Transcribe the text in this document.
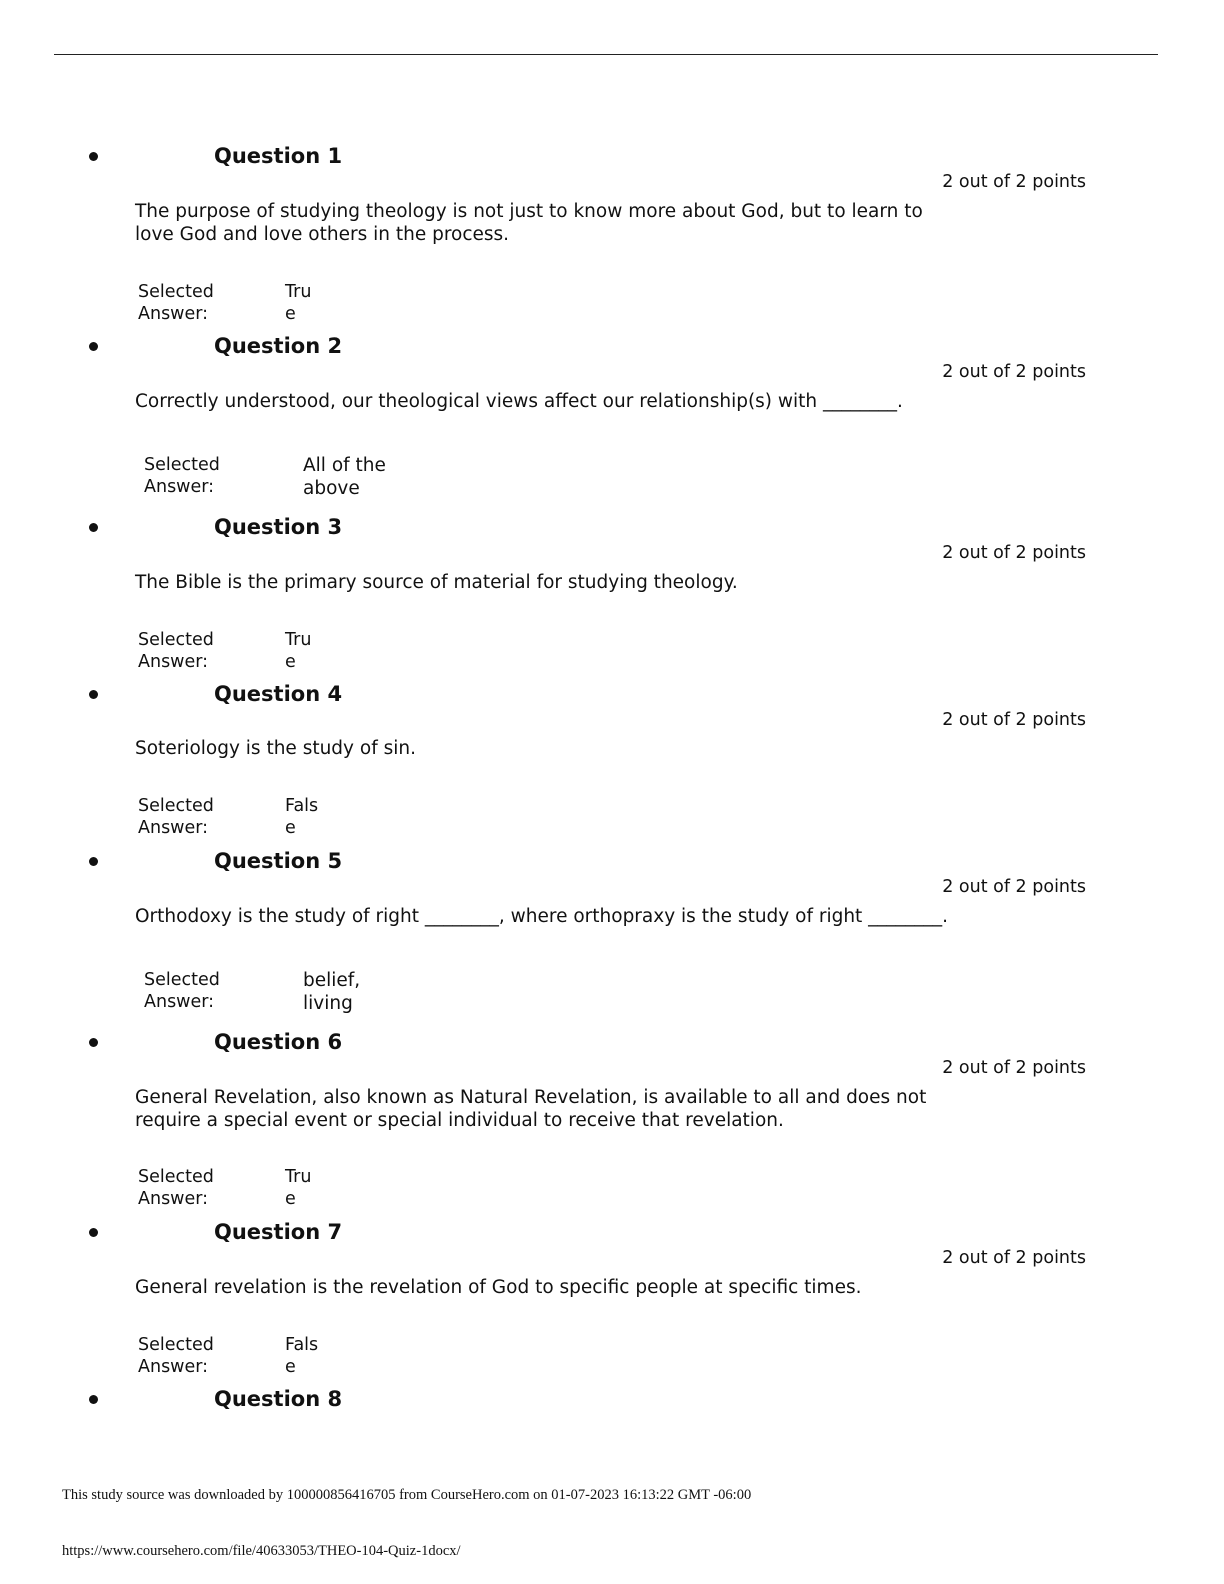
Question 1
2 out of 2 points
The purpose of studying theology is not just to know more about God, but to learn to
love God and love others in the process.
Selected
Answer:
Tru
e
Question 2
2 out of 2 points
Correctly understood, our theological views affect our relationship(s) with ________.
Selected
Answer:
All of the
above
Question 3
2 out of 2 points
The Bible is the primary source of material for studying theology.
Selected
Answer:
Tru
e
Question 4
2 out of 2 points
Soteriology is the study of sin.
Selected
Answer:
Fals
e
Question 5
2 out of 2 points
Orthodoxy is the study of right ________, where orthopraxy is the study of right ________.
Selected
Answer:
belief,
living
Question 6
2 out of 2 points
General Revelation, also known as Natural Revelation, is available to all and does not
require a special event or special individual to receive that revelation.
Selected
Answer:
Tru
e
Question 7
2 out of 2 points
General revelation is the revelation of God to specific people at specific times.
Selected
Answer:
Fals
e
Question 8
This study source was downloaded by 100000856416705 from CourseHero.com on 01-07-2023 16:13:22 GMT -06:00
https://www.coursehero.com/file/40633053/THEO-104-Quiz-1docx/
